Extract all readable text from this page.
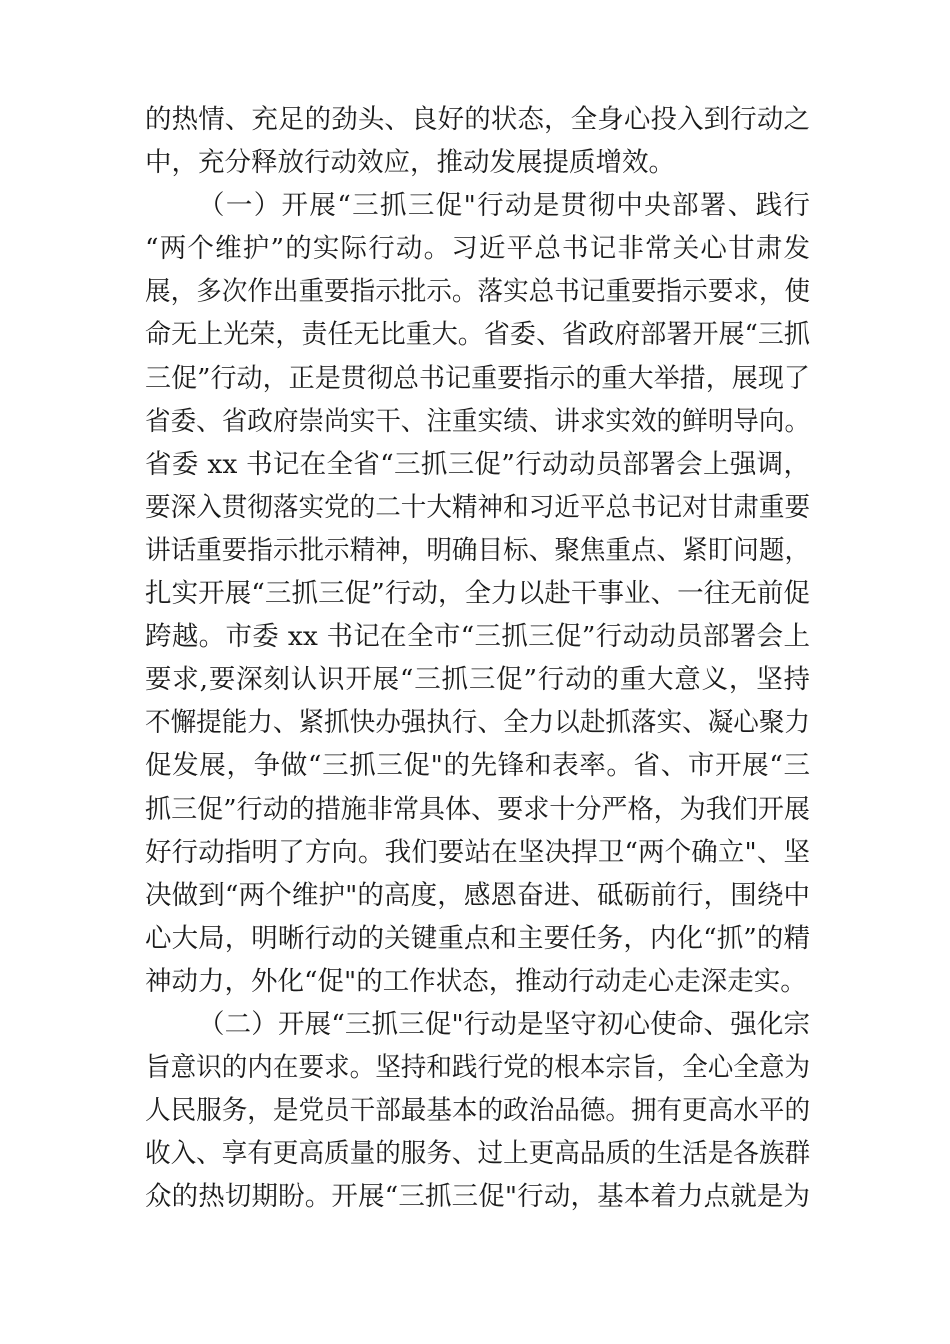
的热情、充足的劲头、良好的状态，全身心投入到行动之
中，充分释放行动效应，推动发展提质增效。
（一）开展“三抓三促"行动是贯彻中央部署、践行
“两个维护”的实际行动。习近平总书记非常关心甘肃发
展，多次作出重要指示批示。落实总书记重要指示要求，使
命无上光荣，责任无比重大。省委、省政府部署开展“三抓
三促”行动，正是贯彻总书记重要指示的重大举措，展现了
省委、省政府崇尚实干、注重实绩、讲求实效的鲜明导向。
省委 xx 书记在全省“三抓三促”行动动员部署会上强调，
要深入贯彻落实党的二十大精神和习近平总书记对甘肃重要
讲话重要指示批示精神，明确目标、聚焦重点、紧盯问题，
扎实开展“三抓三促”行动，全力以赴干事业、一往无前促
跨越。市委 xx 书记在全市“三抓三促”行动动员部署会上
要求,要深刻认识开展“三抓三促”行动的重大意义，坚持
不懈提能力、紧抓快办强执行、全力以赴抓落实、凝心聚力
促发展，争做“三抓三促"的先锋和表率。省、市开展“三
抓三促”行动的措施非常具体、要求十分严格，为我们开展
好行动指明了方向。我们要站在坚决捍卫“两个确立"、坚
决做到“两个维护"的高度，感恩奋进、砥砺前行，围绕中
心大局，明晰行动的关键重点和主要任务，内化“抓”的精
神动力，外化“促"的工作状态，推动行动走心走深走实。
（二）开展“三抓三促"行动是坚守初心使命、强化宗
旨意识的内在要求。坚持和践行党的根本宗旨，全心全意为
人民服务，是党员干部最基本的政治品德。拥有更高水平的
收入、享有更高质量的服务、过上更高品质的生活是各族群
众的热切期盼。开展“三抓三促"行动，基本着力点就是为
